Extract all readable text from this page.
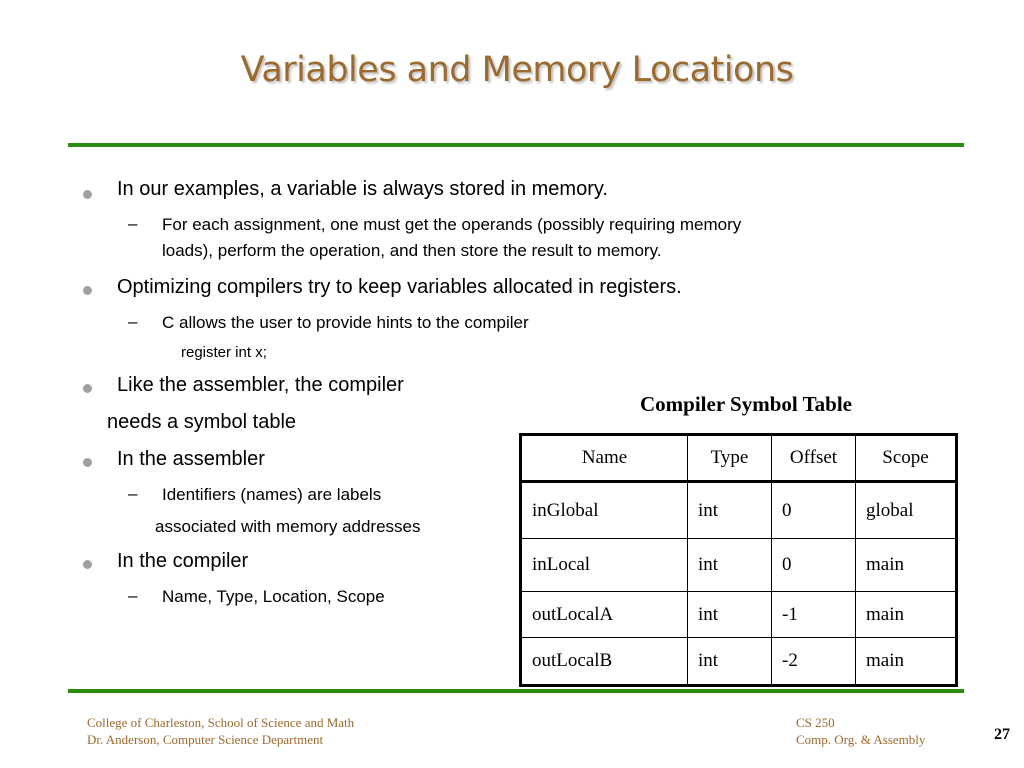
Variables and Memory Locations
In our examples, a variable is always stored in memory.
– For each assignment, one must get the operands (possibly requiring memory
loads), perform the operation, and then store the result to memory.
Optimizing compilers try to keep variables allocated in registers.
– C allows the user to provide hints to the compiler
register int x;
Like the assembler, the compiler
needs a symbol table
In the assembler
– Identifiers (names) are labels
associated with memory addresses
In the compiler
– Name, Type, Location, Scope
Compiler Symbol Table
Name	Type	Offset	Scope
inGlobal	int	0	global
inLocal	int	0	main
outLocalA	int	-1	main
outLocalB	int	-2	main
College of Charleston, School of Science and Math
Dr. Anderson, Computer Science Department
CS 250
Comp. Org. & Assembly	27
